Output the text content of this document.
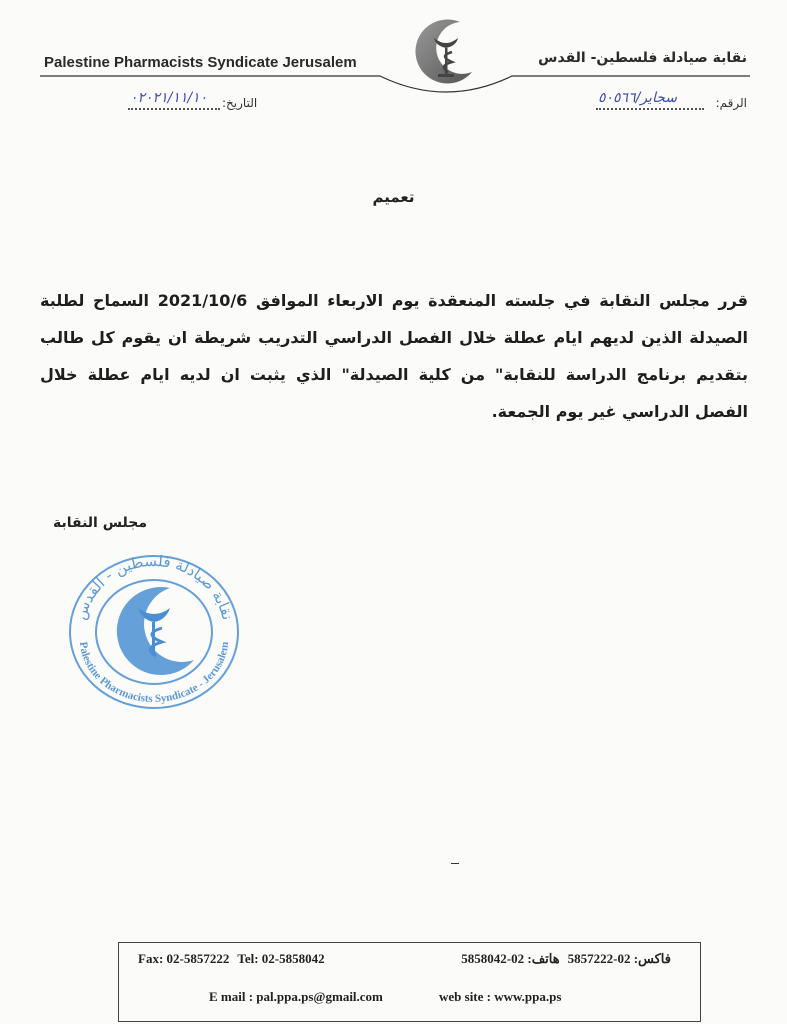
Palestine Pharmacists Syndicate Jerusalem	نقابة صيادلة فلسطين- القدس
التاريخ:
٠٢٠٢١/١١/١٠	الرقم:
سجاير/٥٠٥٦٦
تعميم
قرر مجلس النقابة في جلسته المنعقدة يوم الاربعاء الموافق 2021/10/6 السماح لطلبة الصيدلة الذين لديهم ايام عطلة خلال الفصل الدراسي التدريب شريطة ان يقوم كل طالب بتقديم برنامج الدراسة للنقابة" من كلية الصيدلة" الذي يثبت ان لديه ايام عطلة خلال الفصل الدراسي غير يوم الجمعة.
مجلس النقابة
نقابة صيادلة فلسطين - القدس
Palestine Pharmacists Syndicate - Jerusalem
Fax: 02-5857222 Tel: 02-5858042	فاكس: 02-5857222هاتف: 02-5858042
E mail : pal.ppa.ps@gmail.com	web site : www.ppa.ps
